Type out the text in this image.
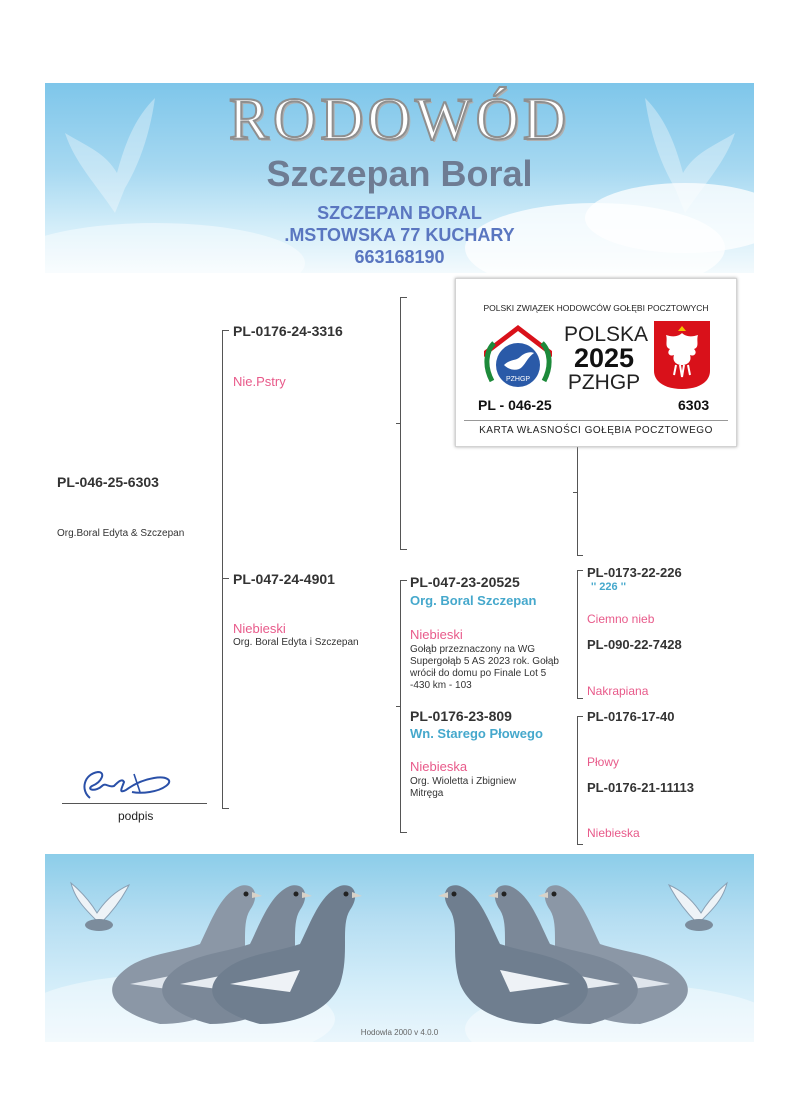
RODOWÓD
Szczepan Boral
SZCZEPAN BORAL
.MSTOWSKA 77 KUCHARY
663168190
POLSKI ZWIĄZEK HODOWCÓW GOŁĘBI POCZTOWYCH
PZHGP
POLSKA
2025
PZHGP
PL - 046-25	6303
KARTA WŁASNOŚCI GOŁĘBIA POCZTOWEGO
PL-046-25-6303
Org.Boral Edyta & Szczepan
PL-0176-24-3316
Nie.Pstry
PL-047-24-4901
Niebieski
Org. Boral Edyta i Szczepan
PL-047-23-20525
Org. Boral Szczepan
Niebieski
Gołąb przeznaczony na WG Supergołąb 5 AS 2023 rok. Gołąb wrócił do domu po Finale Lot 5 -430 km - 103
PL-0176-23-809
Wn. Starego Płowego
Niebieska
Org. Wioletta i Zbigniew Mitręga
PL-0173-22-226
'' 226 ''
Ciemno nieb
PL-090-22-7428
Nakrapiana
PL-0176-17-40
Płowy
PL-0176-21-11113
Niebieska
podpis
Hodowla 2000 v 4.0.0
